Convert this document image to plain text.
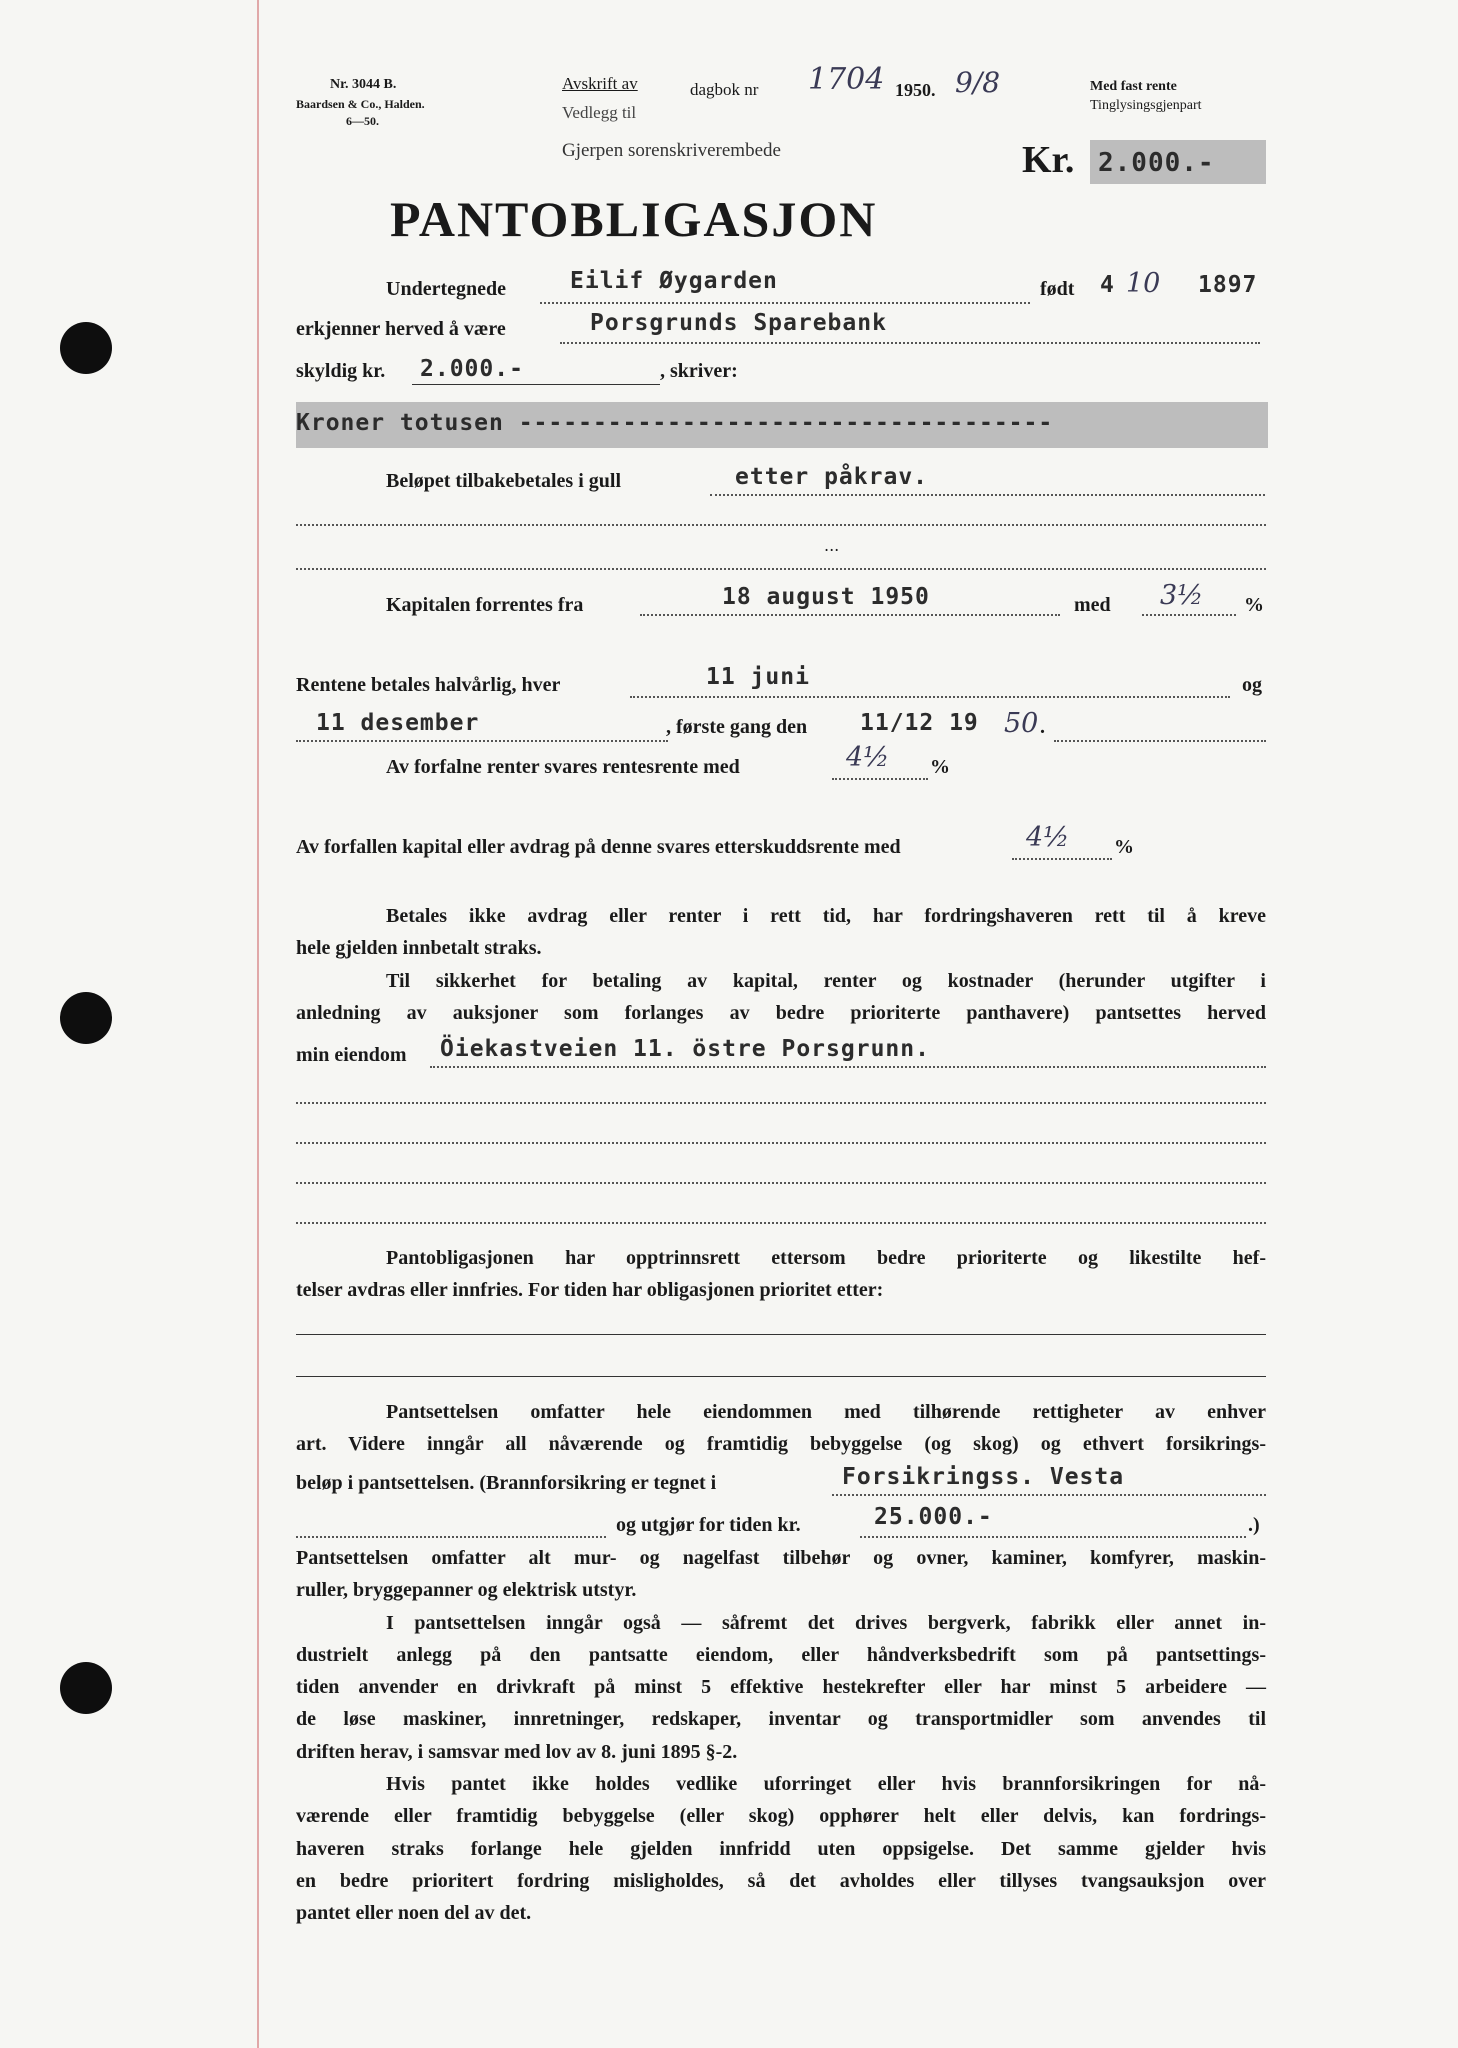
Nr. 3044 B.
Baardsen & Co., Halden.
6—50.
Avskrift av
Vedlegg til
dagbok nr 1704 1950. 9/8
Gjerpen sorenskriverembede
Med fast rente
Tinglysingsgjenpart
Kr. 2.000.-
PANTOBLIGASJON
Undertegnede	Eilif Øygarden	født 4 10 1897
erkjenner herved å være	Porsgrunds Sparebank
skyldig kr. 2.000.-	, skriver:
Kroner totusen ------------------------------------
Beløpet tilbakebetales i gull	etter påkrav.
...
Kapitalen forrentes fra	18 august 1950	med 3½ %
Rentene betales halvårlig, hver	11 juni	og
11 desember	, første gang den 11/12 19 50 .
Av forfalne renter svares rentesrente med	4½ %
Av forfallen kapital eller avdrag på denne svares etterskuddsrente med	4½ %

Betales ikke avdrag eller renter i rett tid, har fordringshaveren rett til å kreve

hele gjelden innbetalt straks.

Til sikkerhet for betaling av kapital, renter og kostnader (herunder utgifter i

anledning av auksjoner som forlanges av bedre prioriterte panthavere) pantsettes herved

min eiendom Öiekastveien 11. östre Porsgrunn.

Pantobligasjonen har opptrinnsrett ettersom bedre prioriterte og likestilte hef-

telser avdras eller innfries. For tiden har obligasjonen prioritet etter:

Pantsettelsen omfatter hele eiendommen med tilhørende rettigheter av enhver

art. Videre inngår all nåværende og framtidig bebyggelse (og skog) og ethvert forsikrings-

beløp i pantsettelsen. (Brannforsikring er tegnet i	Forsikringss. Vesta
og utgjør for tiden kr.	25.000.-	.)

Pantsettelsen omfatter alt mur- og nagelfast tilbehør og ovner, kaminer, komfyrer, maskin-

ruller, bryggepanner og elektrisk utstyr.

I pantsettelsen inngår også — såfremt det drives bergverk, fabrikk eller annet in-

dustrielt anlegg på den pantsatte eiendom, eller håndverksbedrift som på pantsettings-

tiden anvender en drivkraft på minst 5 effektive hestekrefter eller har minst 5 arbeidere —

de løse maskiner, innretninger, redskaper, inventar og transportmidler som anvendes til

driften herav, i samsvar med lov av 8. juni 1895 §-2.

Hvis pantet ikke holdes vedlike uforringet eller hvis brannforsikringen for nå-

værende eller framtidig bebyggelse (eller skog) opphører helt eller delvis, kan fordrings-

haveren straks forlange hele gjelden innfridd uten oppsigelse. Det samme gjelder hvis

en bedre prioritert fordring misligholdes, så det avholdes eller tillyses tvangsauksjon over

pantet eller noen del av det.
